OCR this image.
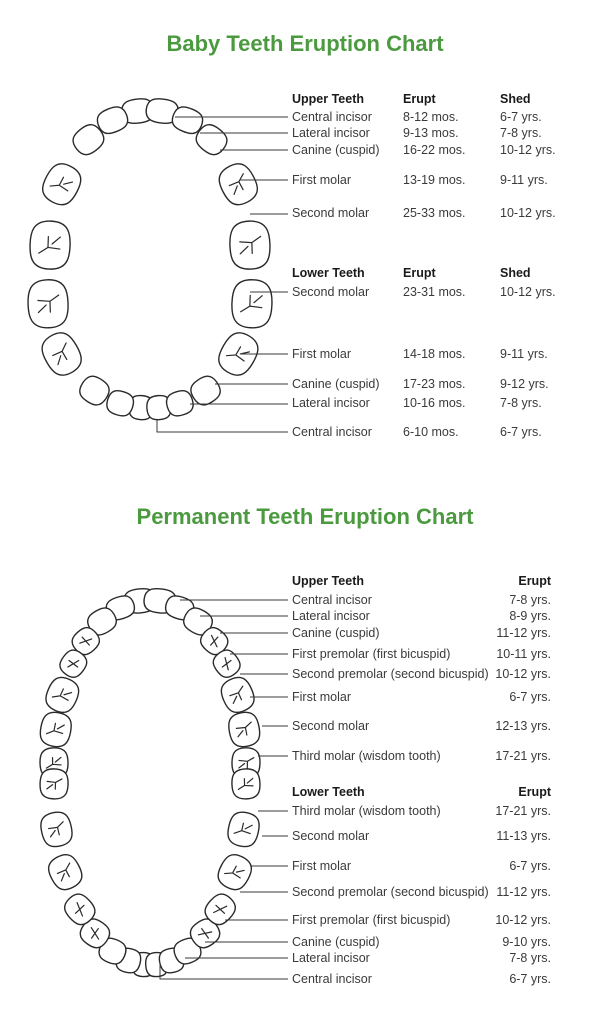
Baby Teeth Eruption Chart
Permanent Teeth Eruption Chart
Upper Teeth	Erupt	Shed
Central incisor 8-12 mos.	6-7 yrs.
Lateral incisor	9-13 mos.	7-8 yrs.
Canine (cuspid) 16-22 mos.	10-12 yrs.
First molar	13-19 mos.	9-11 yrs.
Second molar	25-33 mos.	10-12 yrs.
Lower Teeth	Erupt	Shed
Second molar	23-31 mos.	10-12 yrs.
First molar	14-18 mos.	9-11 yrs.
Canine (cuspid) 17-23 mos.	9-12 yrs.
Lateral incisor	10-16 mos.	7-8 yrs.
Central incisor 6-10 mos.	6-7 yrs.
Upper Teeth	Erupt
Central incisor	7-8 yrs.
Lateral incisor	8-9 yrs.
Canine (cuspid)	11-12 yrs.
First premolar (first bicuspid)	10-11 yrs.
Second premolar (second bicuspid) 10-12 yrs.
First molar	6-7 yrs.
Second molar	12-13 yrs.
Third molar (wisdom tooth)	17-21 yrs.
Lower Teeth	Erupt
Third molar (wisdom tooth)	17-21 yrs.
Second molar	11-13 yrs.
First molar	6-7 yrs.
Second premolar (second bicuspid) 11-12 yrs.
First premolar (first bicuspid)	10-12 yrs.
Canine (cuspid)	9-10 yrs.
Lateral incisor	7-8 yrs.
Central incisor	6-7 yrs.
